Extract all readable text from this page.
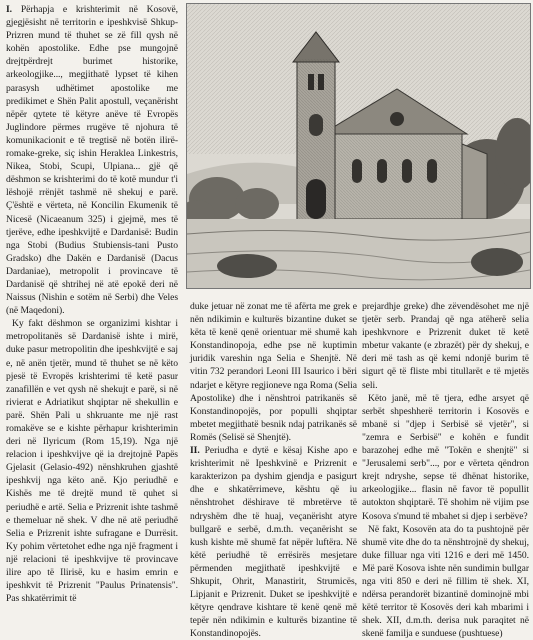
I. Përhapja e krishterimit në Kosovë, gjegjësisht në territorin e ipeshkvisë Shkup-Prizren mund të thuhet se zë fill qysh në kohën apostolike. Edhe pse mungojnë drejtpërdrejt burimet historike, arkeologjike..., megjithatë lypset të kihen parasysh udhëtimet apostolike me predikimet e Shën Palit apostull, veçanërisht nëpër qytete të këtyre anëve të Evropës Juglindore përmes rrugëve të njohura të komunikacionit e të tregtisë në botën ilirë-romake-greke, siç ishin Heraklea Linkestris, Nikea, Stobi, Scupi, Ulpiana... gjë që dëshmon se krishterimi do të kotë mundur t'i lëshojë rrënjët tashmë në shekuj e parë. Ç'është e vërteta, në Koncilin Ekumenik të Nicesë (Nicaeanum 325) i gjejmë, mes të tjerëve, edhe ipeshkvijtë e Dardanisë: Budin nga Stobi (Budius Stubiensis-tani Pusto Gradsko) dhe Dakën e Dardanisë (Dacus Dardaniae), metropolit i provincave të Dardanisë që shtrihej në atë epokë deri në Naissus (Nishin e sotëm në Serbi) dhe Veles (në Maqedoni).

Ky fakt dëshmon se organizimi kishtar i metropolitanës së Dardanisë ishte i mirë, duke pasur metropolitin dhe ipeshkvijtë e saj e, në anën tjetër, mund të thuhet se në këto pjesë të Evropës krishterimi të ketë pasur zanafillën e vet qysh në shekujt e parë, si në rivierat e Adriatikut shqiptar në shekullin e parë. Shën Pali u shkruante me një rast romakëve se e kishte përhapur krishterimin deri në Ilyricum (Rom 15,19). Nga një relacion i ipeshkvijve që ia drejtojnë Papës Gjelasit (Gelasio-492) nënshkruhen gjashtë ipeshkvij nga këto anë. Kjo periudhë e Kishës me të drejtë mund të quhet si periudhë e artë. Selia e Prizrenit ishte tashmë e themeluar në shek. V dhe në atë periudhë Selia e Prizrenit ishte sufragane e Durrësit. Ky pohim vërtetohet edhe nga një fragment i një relacioni të ipeshkvijve të provincave ilire apo të Ilirisë, ku e hasim emrin e ipeshkvit të Prizrenit "Paulus Prinatensis". Pas shkatërrimit të

duke jetuar në zonat me të afërta me grek e nën ndikimin e kulturës bizantine duket se këta të kenë qenë orientuar më shumë kah Konstandinopoja, edhe pse në kuptimin juridik vareshin nga Selia e Shenjtë. Në vitin 732 perandori Leoni III Isaurico i bëri ndarjet e këtyre regjioneve nga Roma (Selia Apostolike) dhe i nënshtroi patrikanës së Konstandinopojës, por populli shqiptar mbetet megjithatë besnik ndaj patrikanës së Romës (Selisë së Shenjtë).

II. Periudha e dytë e kësaj Kishe apo e krishterimit në Ipeshkvinë e Prizrenit e karakterizon pa dyshim gjendja e pasigurt dhe e shkatërrimeve, kështu që iu nënshtrohet dëshirave të mbretërve të ndryshëm dhe të huaj, veçanërisht atyre bullgarë e serbë, d.m.th. veçanërisht se kush kishte më shumë fat nëpër luftëra. Në këtë periudhë të errësirës mesjetare përmenden megjithatë ipeshkvijtë e Shkupit, Ohrit, Manastirit, Strumicës, Lipjanit e Prizrenit. Duket se ipeshkvijtë e këtyre qendrave kishtare të kenë qenë më tepër nën ndikimin e kulturës bizantine të Konstandinopojës.

prejardhje greke) dhe zëvendësohet me një tjetër serb. Prandaj që nga atëherë selia ipeshkvnore e Prizrenit duket të ketë mbetur vakante (e zbrazët) për dy shekuj, e deri më tash as që kemi ndonjë burim të sigurt që të fliste mbi titullarët e të mjetës seli.

Këto janë, më të tjera, edhe arsyet që serbët shpeshherë territorin i Kosovës e mbanë si "djep i Serbisë së vjetër", si "zemra e Serbisë" e kohën e fundit barazohej edhe më "Tokën e shenjtë" si "Jerusalemi serb"..., por e vërteta qëndron krejt ndryshe, sepse të dhënat historike, arkeologjike... flasin në favor të popullit autokton shqiptarë. Të shohim në vijim pse Kosova s'mund të mbahet si djep i serbëve?

Në fakt, Kosovën ata do ta pushtojnë për shumë vite dhe do ta nënshtrojnë dy shekuj, duke filluar nga viti 1216 e deri më 1450. Më parë Kosova ishte nën sundimin bullgar nga viti 850 e deri në fillim të shek. XI, ndërsa perandorët bizantinë dominojnë mbi këtë territor të Kosovës deri kah mbarimi i shek. XII, d.m.th. derisa nuk paraqitet në skenë familja e sunduese (pushtuese)
